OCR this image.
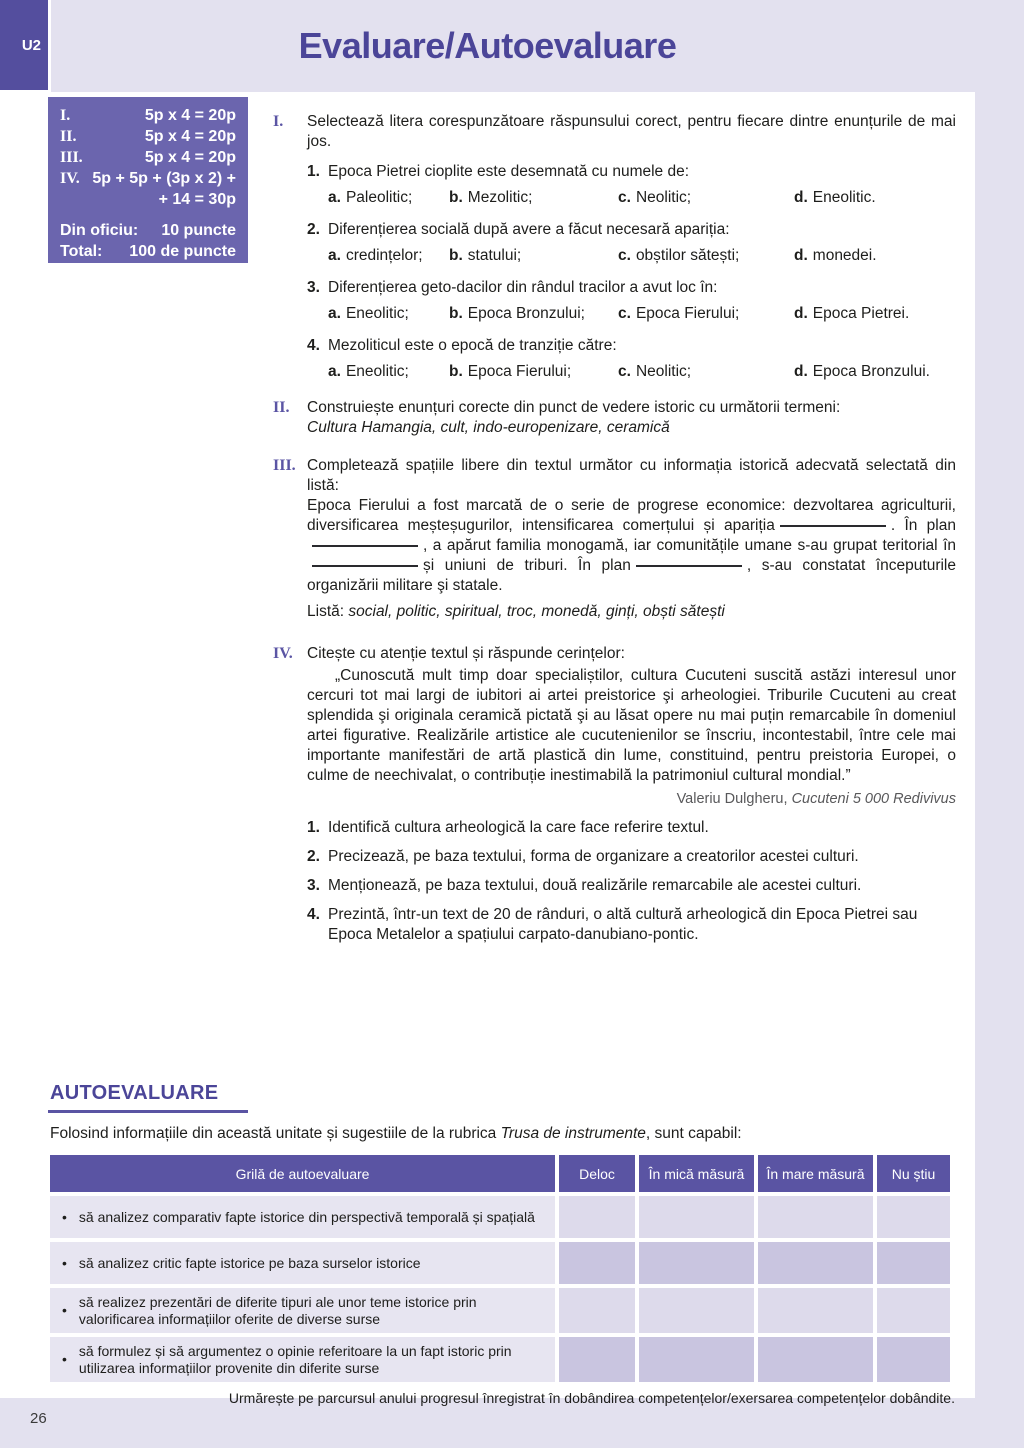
U2	Evaluare/Autoevaluare
I.	5p x 4 = 20p
II.	5p x 4 = 20p
III.	5p x 4 = 20p
IV. 5p + 5p + (3p x 2) +
+ 14 = 30p
Din oficiu: 10 puncte
Total: 100 de puncte
I. Selectează litera corespunzătoare răspunsului corect, pentru fiecare dintre enunțurile de mai jos.
1. Epoca Pietrei cioplite este desemnată cu numele de:
a. Paleolitic;	b. Mezolitic;	c. Neolitic;	d. Eneolitic.
2. Diferențierea socială după avere a făcut necesară apariția:
a. credințelor;	b. statului;	c. obștilor sătești;	d. monedei.
3. Diferențierea geto-dacilor din rândul tracilor a avut loc în:
a. Eneolitic;	b. Epoca Bronzului;	c. Epoca Fierului;	d. Epoca Pietrei.
4. Mezoliticul este o epocă de tranziție către:
a. Eneolitic;	b. Epoca Fierului;	c. Neolitic;	d. Epoca Bronzului.
II. Construiește enunțuri corecte din punct de vedere istoric cu următorii termeni:
Cultura Hamangia, cult, indo-europenizare, ceramică
III. Completează spațiile libere din textul următor cu informația istorică adecvată selectată din listă:
Epoca Fierului a fost marcată de o serie de progrese economice: dezvoltarea agriculturii, diversificarea meșteșugurilor, intensificarea comerțului și apariția	. În plan, a apărut familia monogamă, iar comunitățile umane s-au grupat teritorial înși uniuni de triburi. În plan	, s-au constatat începuturile organizării militare şi statale.
Listă: social, politic, spiritual, troc, monedă, ginți, obști sătești
IV. Citește cu atenție textul și răspunde cerințelor:
„Cunoscută mult timp doar specialiștilor, cultura Cucuteni suscită astăzi interesul unor cercuri tot mai largi de iubitori ai artei preistorice şi arheologiei. Triburile Cucuteni au creat splendida şi originala ceramică pictată şi au lăsat opere nu mai puțin remarcabile în domeniul artei figurative. Realizările artistice ale cucutenienilor se înscriu, incontestabil, între cele mai importante manifestări de artă plastică din lume, constituind, pentru preistoria Europei, o culme de neechivalat, o contribuție inestimabilă la patrimoniul cultural mondial.”
Valeriu Dulgheru, Cucuteni 5 000 Redivivus
1. Identifică cultura arheologică la care face referire textul.
2. Precizează, pe baza textului, forma de organizare a creatorilor acestei culturi.
3. Menționează, pe baza textului, două realizările remarcabile ale acestei culturi.
4. Prezintă, într-un text de 20 de rânduri, o altă cultură arheologică din Epoca Pietrei sau Epoca Metalelor a spațiului carpato-danubiano-pontic.
AUTOEVALUARE
Folosind informațiile din această unitate și sugestiile de la rubrica Trusa de instrumente, sunt capabil:
Grilă de autoevaluare	Deloc	În mică măsură	În mare măsură	Nu știu
• să analizez comparativ fapte istorice din perspectivă temporală și spațială
• să analizez critic fapte istorice pe baza surselor istorice
• să realizez prezentări de diferite tipuri ale unor teme istorice prin valorificarea informațiilor oferite de diverse surse
• să formulez și să argumentez o opinie referitoare la un fapt istoric prin utilizarea informațiilor provenite din diferite surse
Urmărește pe parcursul anului progresul înregistrat în dobândirea competențelor/exersarea competențelor dobândite.
26
